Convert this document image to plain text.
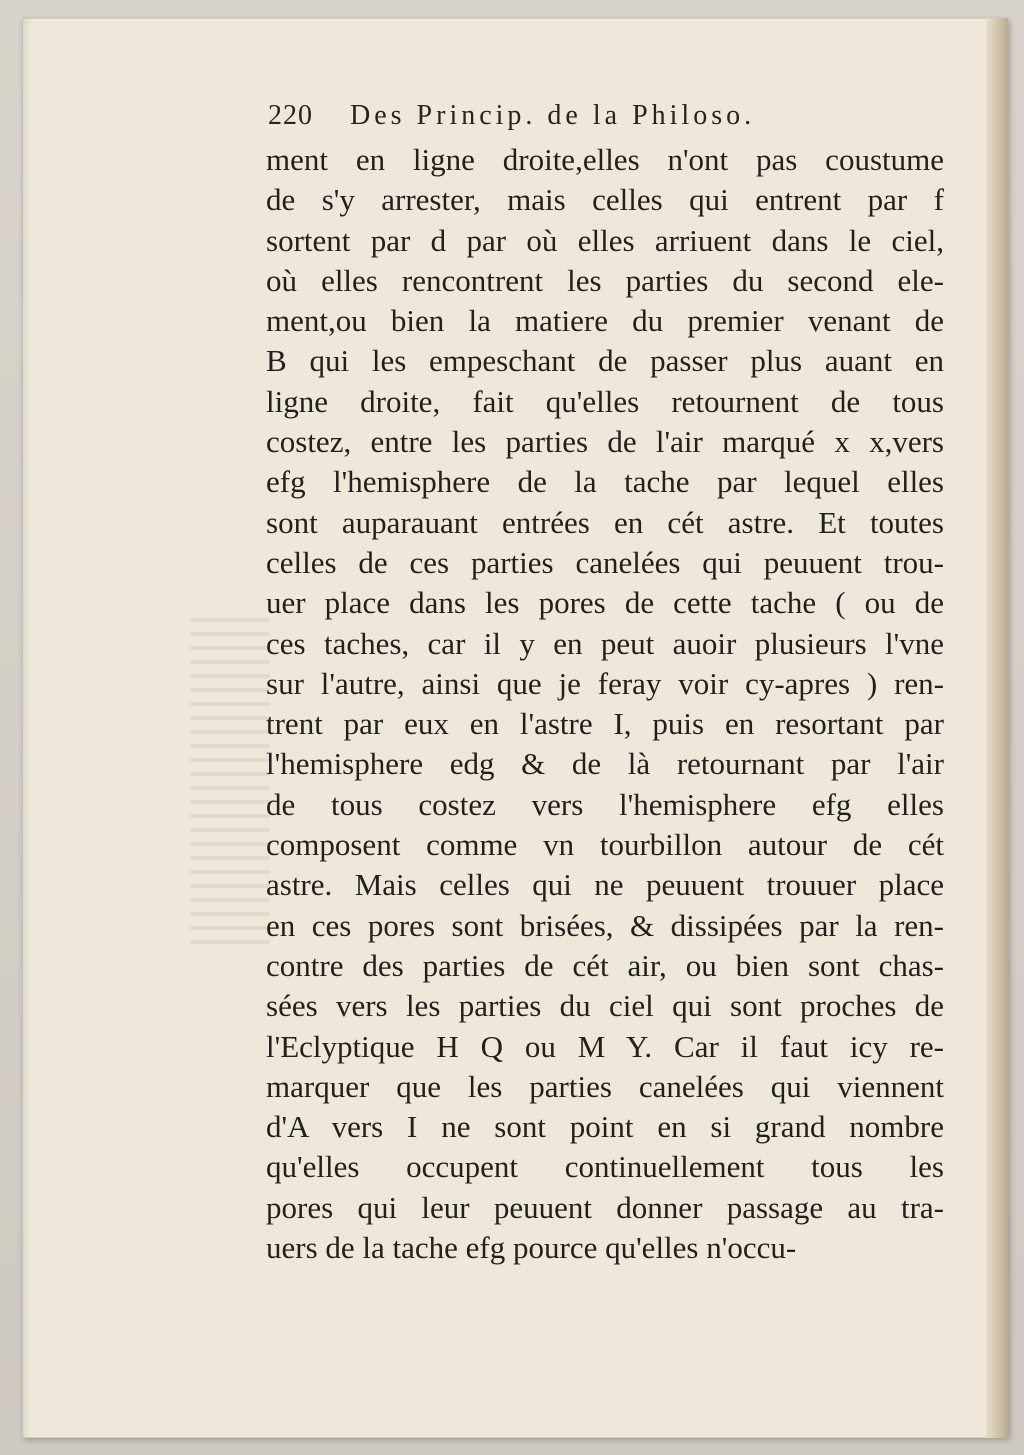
220 Des Princip. de la Philoso.
ment en ligne droite,elles n'ont pas coustume
de s'y arrester, mais celles qui entrent par f
sortent par d par où elles arriuent dans le ciel,
où elles rencontrent les parties du second ele-
ment,ou bien la matiere du premier venant de
B qui les empeschant de passer plus auant en
ligne droite, fait qu'elles retournent de tous
costez, entre les parties de l'air marqué x x,vers
efg l'hemisphere de la tache par lequel elles
sont auparauant entrées en cét astre. Et toutes
celles de ces parties canelées qui peuuent trou-
uer place dans les pores de cette tache ( ou de
ces taches, car il y en peut auoir plusieurs l'vne
sur l'autre, ainsi que je feray voir cy-apres ) ren-
trent par eux en l'astre I, puis en resortant par
l'hemisphere edg & de là retournant par l'air
de tous costez vers l'hemisphere efg elles
composent comme vn tourbillon autour de cét
astre. Mais celles qui ne peuuent trouuer place
en ces pores sont brisées, & dissipées par la ren-
contre des parties de cét air, ou bien sont chas-
sées vers les parties du ciel qui sont proches de
l'Eclyptique H Q ou M Y. Car il faut icy re-
marquer que les parties canelées qui viennent
d'A vers I ne sont point en si grand nombre
qu'elles occupent continuellement tous les
pores qui leur peuuent donner passage au tra-
uers de la tache efg pource qu'elles n'occu-
